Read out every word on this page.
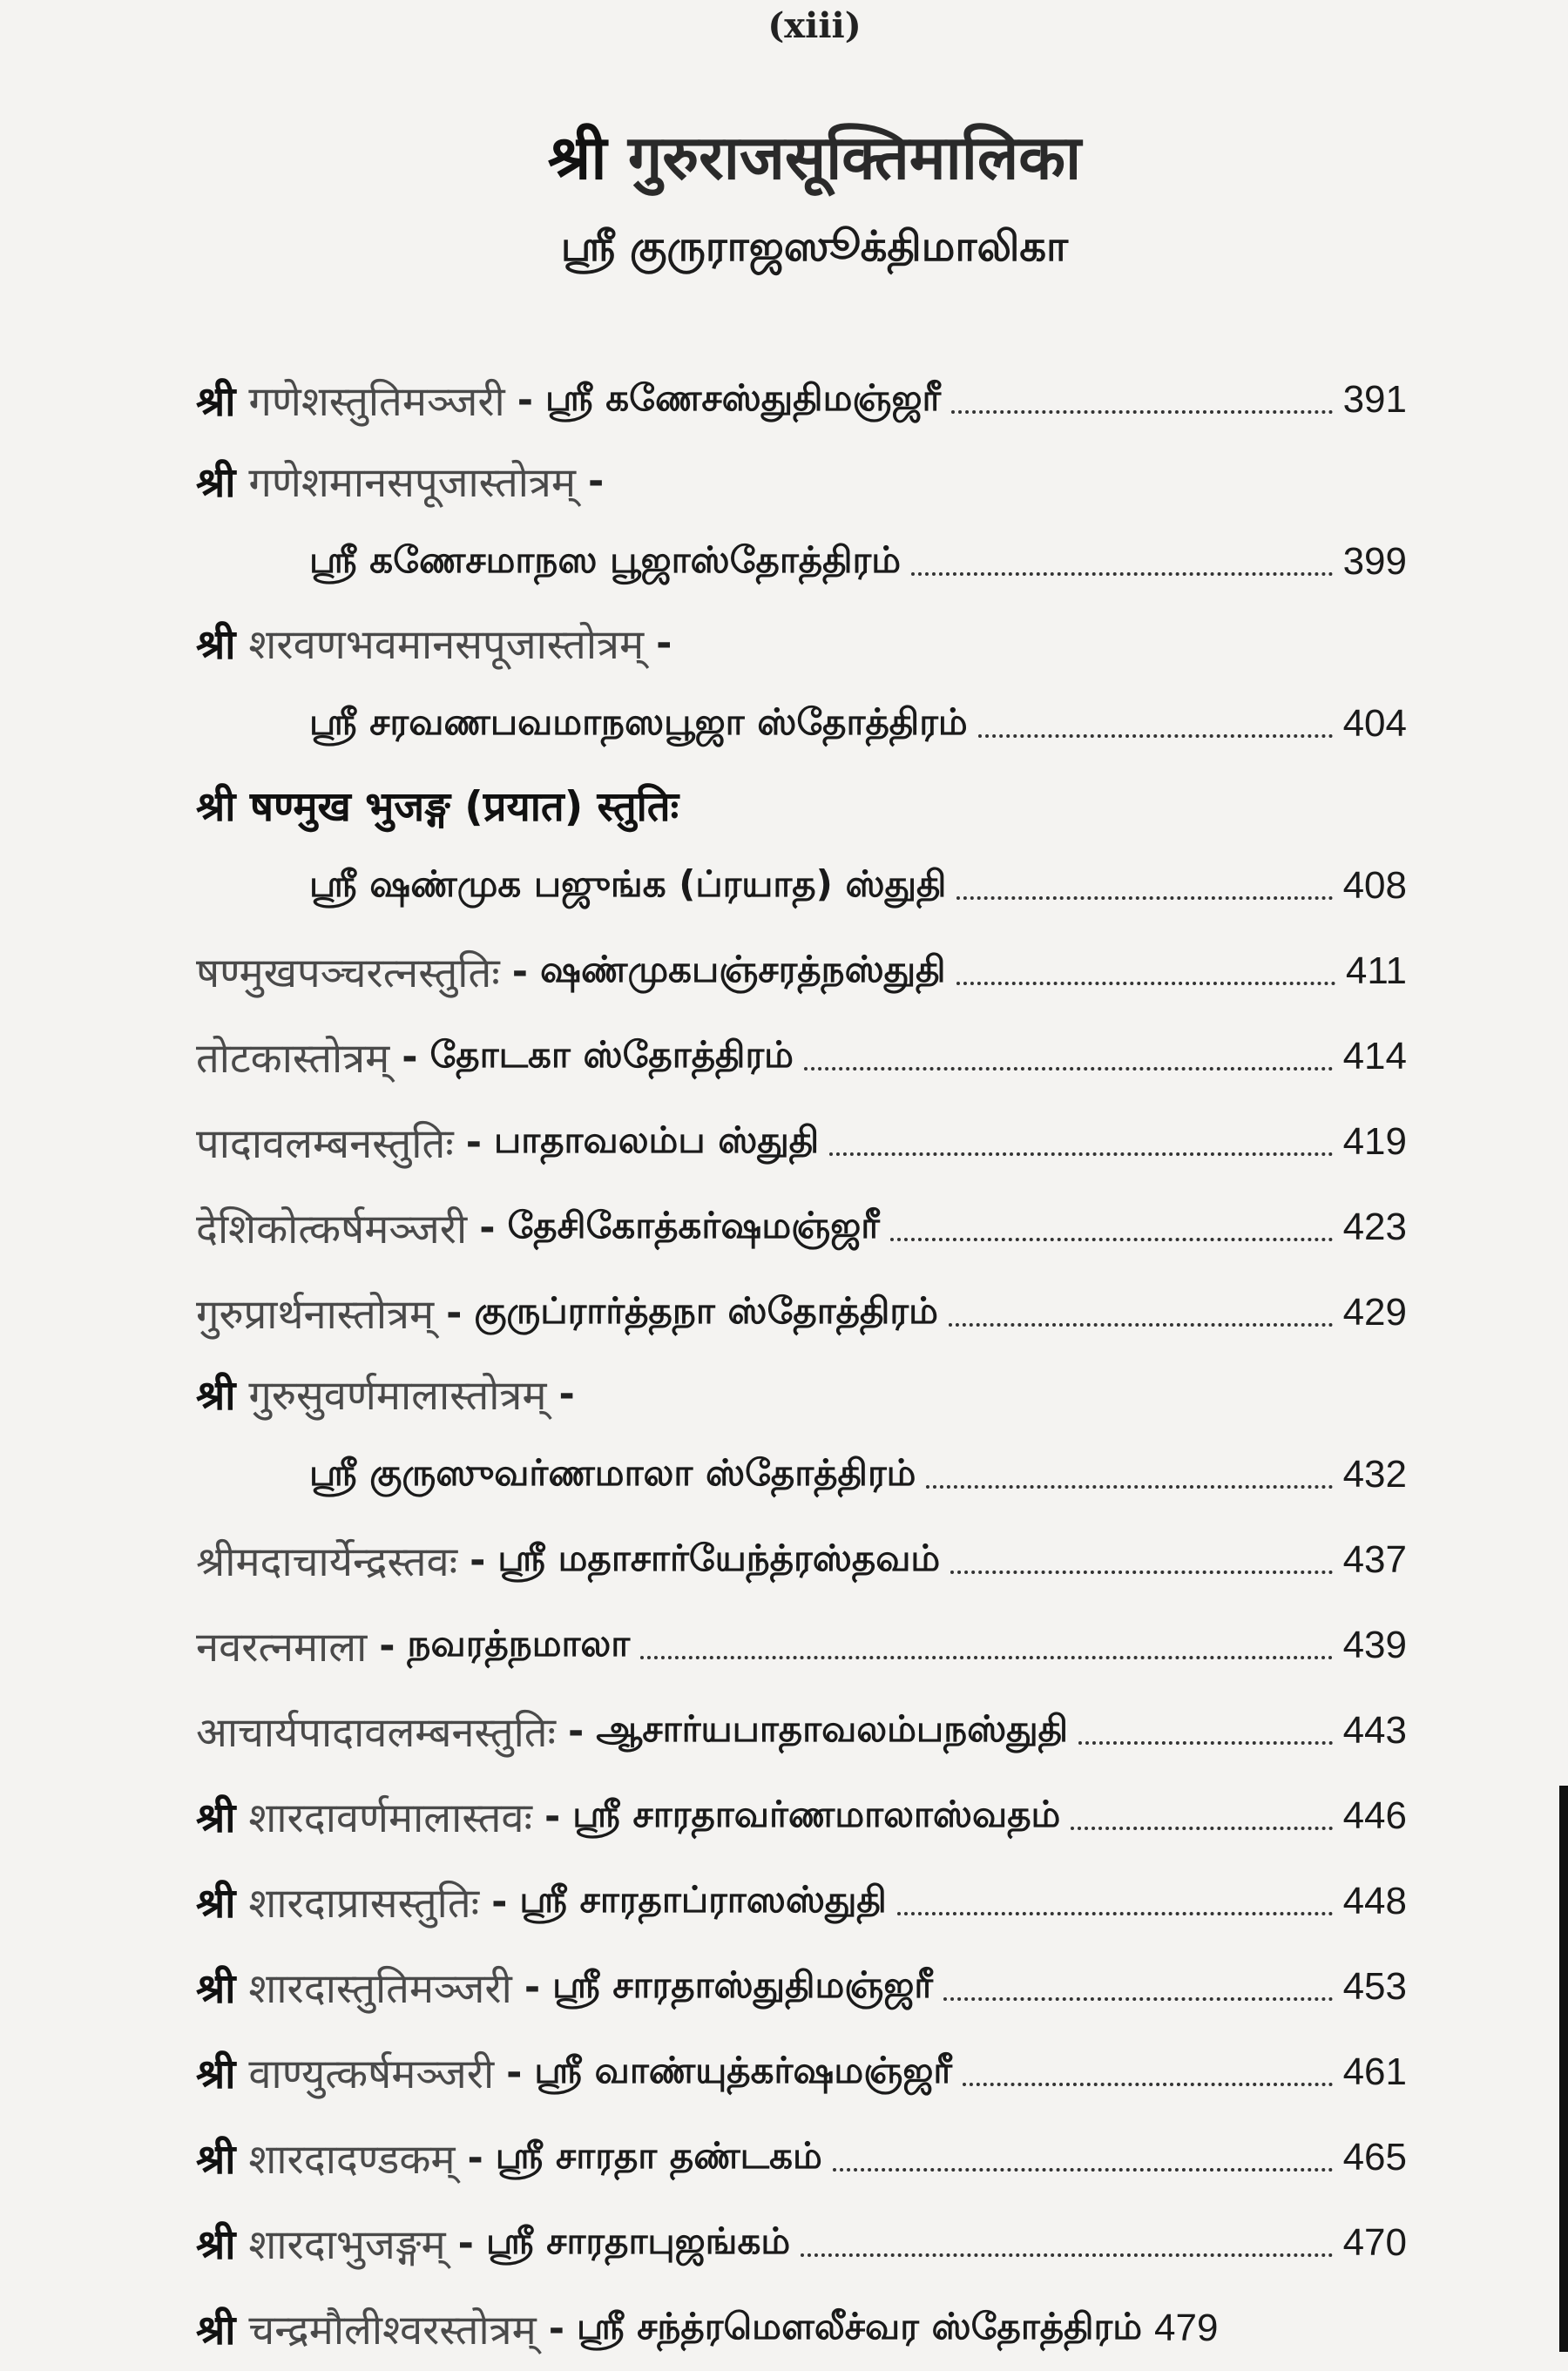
(xiii)
श्री गुरुराजसूक्तिमालिका
ஸ்ரீ குருராஜஸூக்திமாலிகா
श्री गणेशस्तुतिमञ्जरी - ஸ்ரீ கணேசஸ்துதிமஞ்ஜரீ	391
श्री गणेशमानसपूजास्तोत्रम् -
ஸ்ரீ கணேசமாநஸ பூஜாஸ்தோத்திரம்	399
श्री शरवणभवमानसपूजास्तोत्रम् -
ஸ்ரீ சரவணபவமாநஸபூஜா ஸ்தோத்திரம்	404
श्री षण्मुख भुजङ्ग (प्रयात) स्तुतिः
ஸ்ரீ ஷண்முக பஜுங்க (ப்ரயாத) ஸ்துதி	408
षण्मुखपञ्चरत्नस्तुतिः - ஷண்முகபஞ்சரத்நஸ்துதி	411
तोटकास्तोत्रम् - தோடகா ஸ்தோத்திரம்	414
पादावलम्बनस्तुतिः - பாதாவலம்ப ஸ்துதி	419
देशिकोत्कर्षमञ्जरी - தேசிகோத்கர்ஷமஞ்ஜரீ	423
गुरुप्रार्थनास्तोत्रम् - குருப்ரார்த்தநா ஸ்தோத்திரம்	429
श्री गुरुसुवर्णमालास्तोत्रम् -
ஸ்ரீ குருஸுவர்ணமாலா ஸ்தோத்திரம்	432
श्रीमदाचार्येन्द्रस्तवः - ஸ்ரீ மதாசார்யேந்த்ரஸ்தவம்	437
नवरत्नमाला - நவரத்நமாலா	439
आचार्यपादावलम्बनस्तुतिः - ஆசார்யபாதாவலம்பநஸ்துதி	443
श्री शारदावर्णमालास्तवः - ஸ்ரீ சாரதாவர்ணமாலாஸ்வதம்	446
श्री शारदाप्रासस्तुतिः - ஸ்ரீ சாரதாப்ராஸஸ்துதி	448
श्री शारदास्तुतिमञ्जरी - ஸ்ரீ சாரதாஸ்துதிமஞ்ஜரீ	453
श्री वाण्युत्कर्षमञ्जरी - ஸ்ரீ வாண்யுத்கர்ஷமஞ்ஜரீ	461
श्री शारदादण्डकम् - ஸ்ரீ சாரதா தண்டகம்	465
श्री शारदाभुजङ्गम् - ஸ்ரீ சாரதாபுஜங்கம்	470
श्री चन्द्रमौलीश्वरस्तोत्रम् - ஸ்ரீ சந்த்ரமௌலீச்வர ஸ்தோத்திரம் 479
